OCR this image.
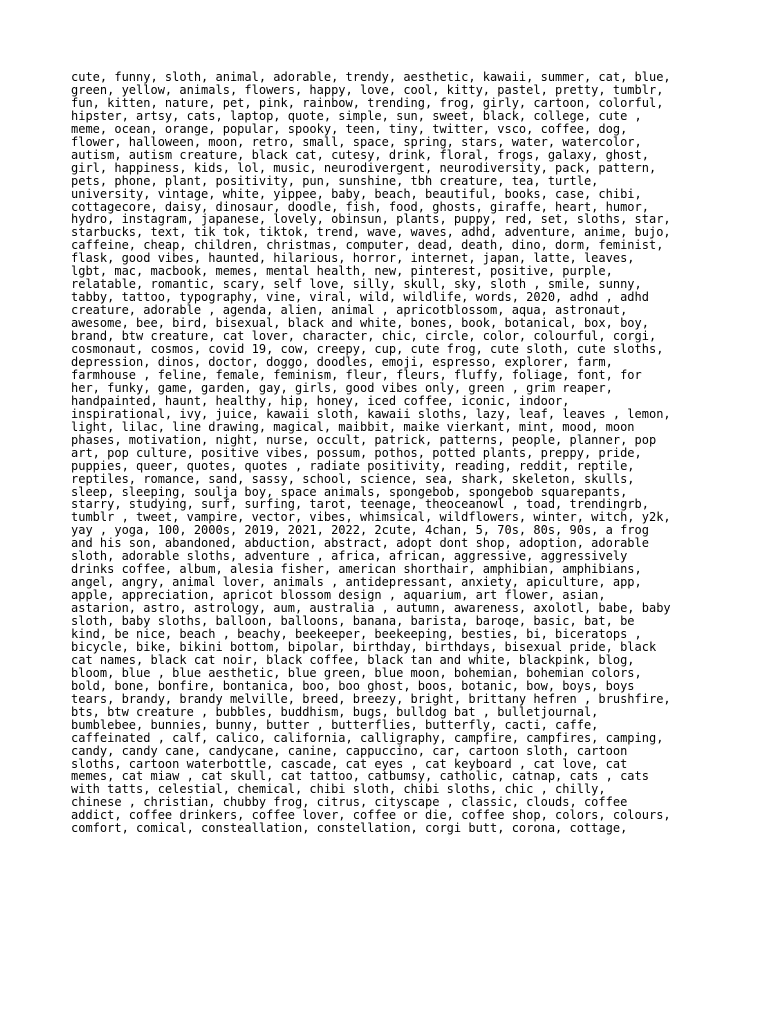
cute, funny, sloth, animal, adorable, trendy, aesthetic, kawaii, summer, cat, blue,
green, yellow, animals, flowers, happy, love, cool, kitty, pastel, pretty, tumblr,
fun, kitten, nature, pet, pink, rainbow, trending, frog, girly, cartoon, colorful,
hipster, artsy, cats, laptop, quote, simple, sun, sweet, black, college, cute ,
meme, ocean, orange, popular, spooky, teen, tiny, twitter, vsco, coffee, dog,
flower, halloween, moon, retro, small, space, spring, stars, water, watercolor,
autism, autism creature, black cat, cutesy, drink, floral, frogs, galaxy, ghost,
girl, happiness, kids, lol, music, neurodivergent, neurodiversity, pack, pattern,
pets, phone, plant, positivity, pun, sunshine, tbh creature, tea, turtle,
university, vintage, white, yippee, baby, beach, beautiful, books, case, chibi,
cottagecore, daisy, dinosaur, doodle, fish, food, ghosts, giraffe, heart, humor,
hydro, instagram, japanese, lovely, obinsun, plants, puppy, red, set, sloths, star,
starbucks, text, tik tok, tiktok, trend, wave, waves, adhd, adventure, anime, bujo,
caffeine, cheap, children, christmas, computer, dead, death, dino, dorm, feminist,
flask, good vibes, haunted, hilarious, horror, internet, japan, latte, leaves,
lgbt, mac, macbook, memes, mental health, new, pinterest, positive, purple,
relatable, romantic, scary, self love, silly, skull, sky, sloth , smile, sunny,
tabby, tattoo, typography, vine, viral, wild, wildlife, words, 2020, adhd , adhd
creature, adorable , agenda, alien, animal , apricotblossom, aqua, astronaut,
awesome, bee, bird, bisexual, black and white, bones, book, botanical, box, boy,
brand, btw creature, cat lover, character, chic, circle, color, colourful, corgi,
cosmonaut, cosmos, covid 19, cow, creepy, cup, cute frog, cute sloth, cute sloths,
depression, dinos, doctor, doggo, doodles, emoji, espresso, explorer, farm,
farmhouse , feline, female, feminism, fleur, fleurs, fluffy, foliage, font, for
her, funky, game, garden, gay, girls, good vibes only, green , grim reaper,
handpainted, haunt, healthy, hip, honey, iced coffee, iconic, indoor,
inspirational, ivy, juice, kawaii sloth, kawaii sloths, lazy, leaf, leaves , lemon,
light, lilac, line drawing, magical, maibbit, maike vierkant, mint, mood, moon
phases, motivation, night, nurse, occult, patrick, patterns, people, planner, pop
art, pop culture, positive vibes, possum, pothos, potted plants, preppy, pride,
puppies, queer, quotes, quotes , radiate positivity, reading, reddit, reptile,
reptiles, romance, sand, sassy, school, science, sea, shark, skeleton, skulls,
sleep, sleeping, soulja boy, space animals, spongebob, spongebob squarepants,
starry, studying, surf, surfing, tarot, teenage, theoceanowl , toad, trendingrb,
tumblr , tweet, vampire, vector, vibes, whimsical, wildflowers, winter, witch, y2k,
yay , yoga, 100, 2000s, 2019, 2021, 2022, 2cute, 4chan, 5, 70s, 80s, 90s, a frog
and his son, abandoned, abduction, abstract, adopt dont shop, adoption, adorable
sloth, adorable sloths, adventure , africa, african, aggressive, aggressively
drinks coffee, album, alesia fisher, american shorthair, amphibian, amphibians,
angel, angry, animal lover, animals , antidepressant, anxiety, apiculture, app,
apple, appreciation, apricot blossom design , aquarium, art flower, asian,
astarion, astro, astrology, aum, australia , autumn, awareness, axolotl, babe, baby
sloth, baby sloths, balloon, balloons, banana, barista, baroqe, basic, bat, be
kind, be nice, beach , beachy, beekeeper, beekeeping, besties, bi, biceratops ,
bicycle, bike, bikini bottom, bipolar, birthday, birthdays, bisexual pride, black
cat names, black cat noir, black coffee, black tan and white, blackpink, blog,
bloom, blue , blue aesthetic, blue green, blue moon, bohemian, bohemian colors,
bold, bone, bonfire, bontanica, boo, boo ghost, boos, botanic, bow, boys, boys
tears, brandy, brandy melville, breed, breezy, bright, brittany hefren , brushfire,
bts, btw creature , bubbles, buddhism, bugs, bulldog bat , bulletjournal,
bumblebee, bunnies, bunny, butter , butterflies, butterfly, cacti, caffe,
caffeinated , calf, calico, california, calligraphy, campfire, campfires, camping,
candy, candy cane, candycane, canine, cappuccino, car, cartoon sloth, cartoon
sloths, cartoon waterbottle, cascade, cat eyes , cat keyboard , cat love, cat
memes, cat miaw , cat skull, cat tattoo, catbumsy, catholic, catnap, cats , cats
with tatts, celestial, chemical, chibi sloth, chibi sloths, chic , chilly,
chinese , christian, chubby frog, citrus, cityscape , classic, clouds, coffee
addict, coffee drinkers, coffee lover, coffee or die, coffee shop, colors, colours,
comfort, comical, consteallation, constellation, corgi butt, corona, cottage,
